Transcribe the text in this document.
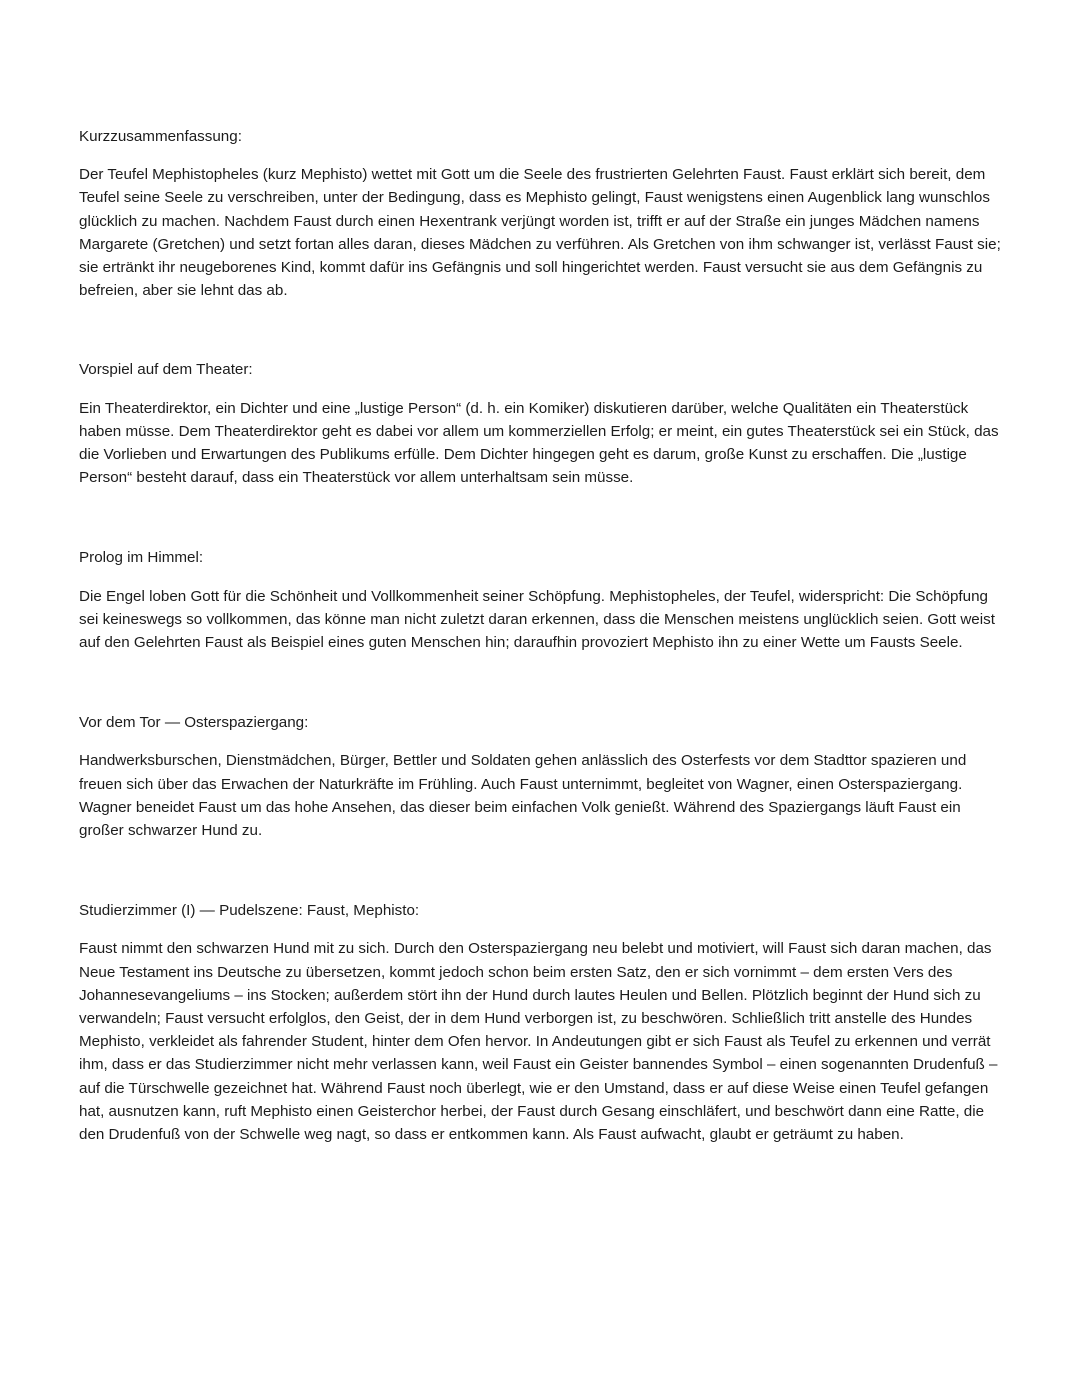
Kurzzusammenfassung:

Der Teufel Mephistopheles (kurz Mephisto) wettet mit Gott um die Seele des frustrierten Gelehrten Faust. Faust erklärt sich bereit, dem Teufel seine Seele zu verschreiben, unter der Bedingung, dass es Mephisto gelingt, Faust wenigstens einen Augenblick lang wunschlos glücklich zu machen. Nachdem Faust durch einen Hexentrank verjüngt worden ist, trifft er auf der Straße ein junges Mädchen namens Margarete (Gretchen) und setzt fortan alles daran, dieses Mädchen zu verführen. Als Gretchen von ihm schwanger ist, verlässt Faust sie; sie ertränkt ihr neugeborenes Kind, kommt dafür ins Gefängnis und soll hingerichtet werden. Faust versucht sie aus dem Gefängnis zu befreien, aber sie lehnt das ab.

Vorspiel auf dem Theater:

Ein Theaterdirektor, ein Dichter und eine „lustige Person“ (d. h. ein Komiker) diskutieren darüber, welche Qualitäten ein Theaterstück haben müsse. Dem Theaterdirektor geht es dabei vor allem um kommerziellen Erfolg; er meint, ein gutes Theaterstück sei ein Stück, das die Vorlieben und Erwartungen des Publikums erfülle. Dem Dichter hingegen geht es darum, große Kunst zu erschaffen. Die „lustige Person“ besteht darauf, dass ein Theaterstück vor allem unterhaltsam sein müsse.

Prolog im Himmel:

Die Engel loben Gott für die Schönheit und Vollkommenheit seiner Schöpfung. Mephistopheles, der Teufel, widerspricht: Die Schöpfung sei keineswegs so vollkommen, das könne man nicht zuletzt daran erkennen, dass die Menschen meistens unglücklich seien. Gott weist auf den Gelehrten Faust als Beispiel eines guten Menschen hin; daraufhin provoziert Mephisto ihn zu einer Wette um Fausts Seele.

Vor dem Tor — Osterspaziergang:

Handwerksburschen, Dienstmädchen, Bürger, Bettler und Soldaten gehen anlässlich des Osterfests vor dem Stadttor spazieren und freuen sich über das Erwachen der Naturkräfte im Frühling. Auch Faust unternimmt, begleitet von Wagner, einen Osterspaziergang. Wagner beneidet Faust um das hohe Ansehen, das dieser beim einfachen Volk genießt. Während des Spaziergangs läuft Faust ein großer schwarzer Hund zu.

Studierzimmer (I) — Pudelszene: Faust, Mephisto:

Faust nimmt den schwarzen Hund mit zu sich. Durch den Osterspaziergang neu belebt und motiviert, will Faust sich daran machen, das Neue Testament ins Deutsche zu übersetzen, kommt jedoch schon beim ersten Satz, den er sich vornimmt – dem ersten Vers des Johannesevangeliums – ins Stocken; außerdem stört ihn der Hund durch lautes Heulen und Bellen. Plötzlich beginnt der Hund sich zu verwandeln; Faust versucht erfolglos, den Geist, der in dem Hund verborgen ist, zu beschwören. Schließlich tritt anstelle des Hundes Mephisto, verkleidet als fahrender Student, hinter dem Ofen hervor. In Andeutungen gibt er sich Faust als Teufel zu erkennen und verrät ihm, dass er das Studierzimmer nicht mehr verlassen kann, weil Faust ein Geister bannendes Symbol – einen sogenannten Drudenfuß – auf die Türschwelle gezeichnet hat. Während Faust noch überlegt, wie er den Umstand, dass er auf diese Weise einen Teufel gefangen hat, ausnutzen kann, ruft Mephisto einen Geisterchor herbei, der Faust durch Gesang einschläfert, und beschwört dann eine Ratte, die den Drudenfuß von der Schwelle weg nagt, so dass er entkommen kann. Als Faust aufwacht, glaubt er geträumt zu haben.
